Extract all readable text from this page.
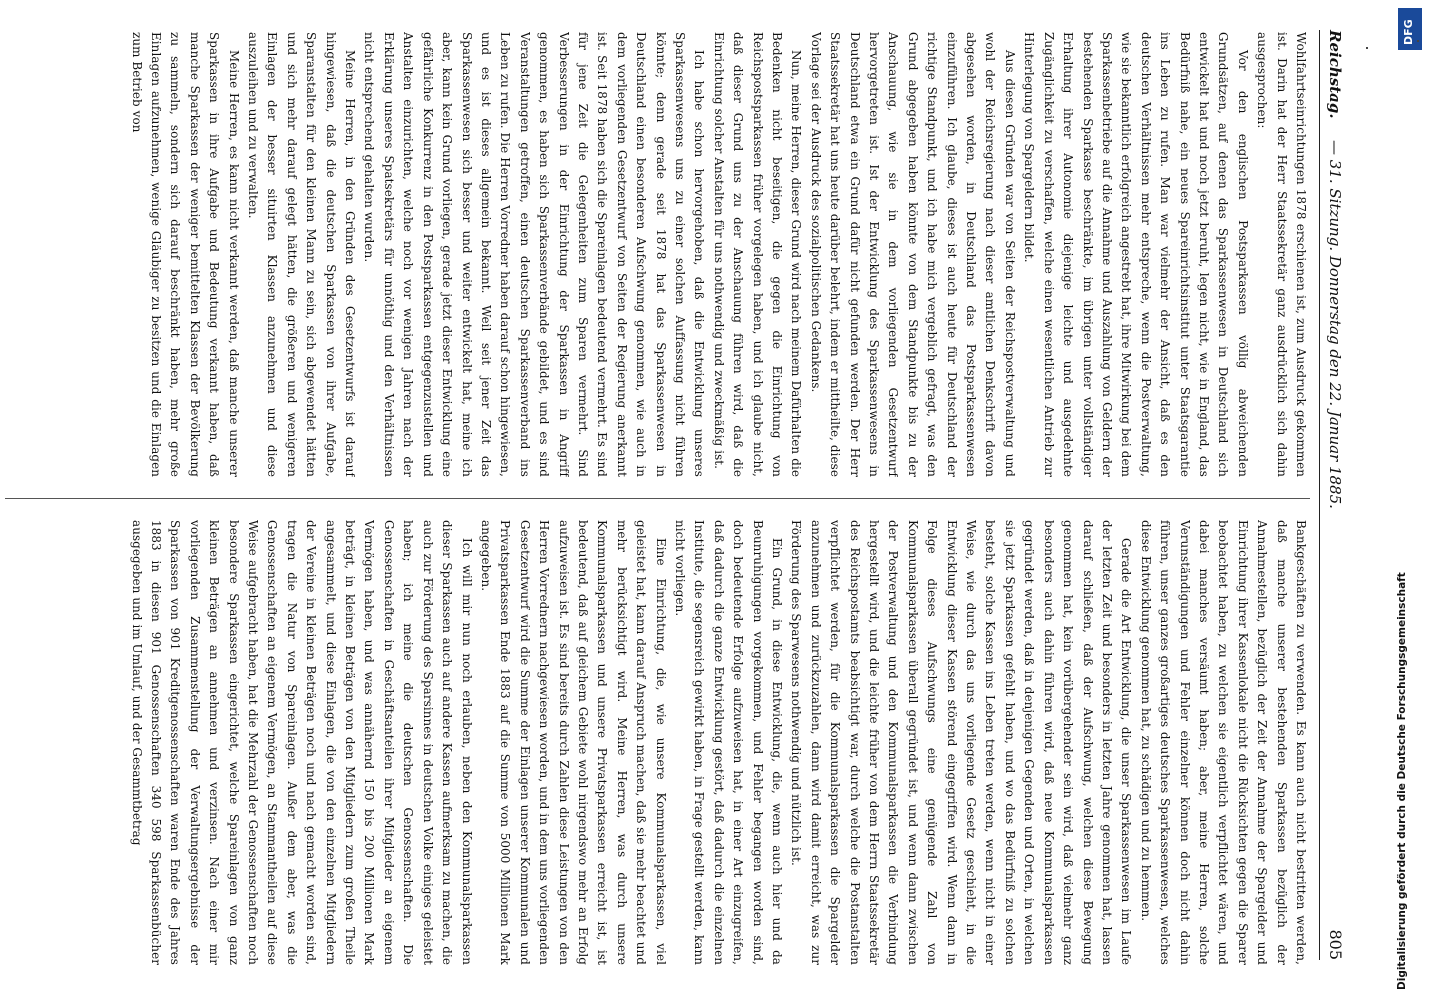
Reichstag.
— 31. Sitzung. Donnerstag den 22. Januar 1885.
805

Wohlfahrtseinrichtungen 1878 erschienen ist, zum Ausdruck gekommen ist. Darin hat der Herr Staatssekretär ganz ausdrücklich sich dahin ausgesprochen:

Vor den englischen Postsparkassen völlig abweichenden Grundsätzen, auf denen das Sparkassenwesen in Deutschland sich entwickelt hat und noch jetzt beruht, legen nicht, wie in England, das Bedürfniß nahe, ein neues Spareinrichtsinstitut unter Staatsgarantie ins Leben zu rufen. Man war vielmehr der Ansicht, daß es den deutschen Verhältnissen mehr entspreche, wenn die Postverwaltung, wie sie bekanntlich erfolgreich angestrebt hat, ihre Mitwirkung bei dem Sparkassenbetriebe auf die Annahme und Auszahlung von Geldern der bestehenden Sparkasse beschränkte, im übrigen unter vollständiger Erhaltung ihrer Autonomie diejenige leichte und ausgedehnte Zugänglichkeit zu verschaffen, welche einen wesentlichen Antrieb zur Hinterlegung von Spargeldern bildet.

Aus diesen Gründen war von Seiten der Reichspostverwaltung und wohl der Reichsregierung nach dieser amtlichen Denkschrift davon abgesehen worden, in Deutschland das Postsparkassenwesen einzuführen. Ich glaube, dieses ist auch heute für Deutschland der richtige Standpunkt, und ich habe mich vergeblich gefragt, was den Grund abgegeben haben könnte von dem Standpunkte bis zu der Anschauung, wie sie in dem vorliegenden Gesetzentwurf hervorgetreten ist. Ist der Entwicklung des Sparkassenwesens in Deutschland etwa ein Grund dafür nicht gefunden werden. Der Herr Staatssekretär hat uns heute darüber belehrt, indem er mittheilte, diese Vorlage sei der Ausdruck des sozialpolitischen Gedankens.

Nun, meine Herren, dieser Grund wird nach meinem Dafürhalten die Bedenken nicht beseitigen, die gegen die Einrichtung von Reichspostsparkassen früher vorgelegen haben, und ich glaube nicht, daß dieser Grund uns zu der Anschauung führen wird, daß die Einrichtung solcher Anstalten für uns nothwendig und zweckmäßig ist.

Ich habe schon hervorgehoben, daß die Entwicklung unseres Sparkassenwesens uns zu einer solchen Auffassung nicht führen könnte; denn gerade seit 1878 hat das Sparkassenwesen in Deutschland einen besonderen Aufschwung genommen, wie auch in dem vorliegenden Gesetzentwurf von Seiten der Regierung anerkannt ist. Seit 1878 haben sich die Spareinlagen bedeutend vermehrt. Es sind für jene Zeit die Gelegenheiten zum Sparen vermehrt. Sind Verbesserungen in der Einrichtung der Sparkassen in Angriff genommen, es haben sich Sparkassenverbände gebildet, und es sind Veranstaltungen getroffen, einen deutschen Sparkassenverband ins Leben zu rufen. Die Herren Vorredner haben darauf schon hingewiesen, und es ist dieses allgemein bekannt. Weil seit jener Zeit das Sparkassenwesen sich besser und weiter entwickelt hat, meine ich aber, kann kein Grund vorliegen, gerade jetzt dieser Entwicklung eine gefährliche Konkurrenz in den Postsparkassen entgegenzustellen und Anstalten einzurichten, welche noch vor wenigen Jahren nach der Erklärung unseres Spatsekretärs für unnöthig und den Verhältnissen nicht entsprechend gehalten wurden.

Meine Herren, in den Gründen des Gesetzentwurfs ist darauf hingewiesen, daß die deutschen Sparkassen von ihrer Aufgabe, Sparanstalten für den kleinen Mann zu sein, sich abgewendet hätten und sich mehr darauf gelegt hätten, die größeren und wenigeren Einlagen der besser situirten Klassen anzunehmen und diese auszuleihen und zu verwalten.

Meine Herren, es kann nicht verkannt werden, daß manche unserer Sparkassen in ihre Aufgabe und Bedeutung verkannt haben, daß manche Sparkassen der weniger bemittelten Klassen der Bevölkerung zu sammeln, sondern sich darauf beschränkt haben, mehr große Einlagen aufzunehmen, wenige Gläubiger zu besitzen und die Einlagen zum Betrieb von

Bankgeschäften zu verwenden. Es kann auch nicht bestritten werden, daß manche unserer bestehenden Sparkassen bezüglich der Annahmestellen, bezüglich der Zeit der Annahme der Spargelder und Einrichtung ihrer Kassenlokale nicht die Rücksichten gegen die Sparer beobachtet haben, zu welchen sie eigentlich verpflichtet wären, und dabei manches versäumt haben; aber, meine Herren, solche Verunständigungen und Fehler einzelner können doch nicht dahin führen, unser ganzes großartiges deutsches Sparkassenwesen, welches diese Entwicklung genommen hat, zu schädigen und zu hemmen.

Gerade die Art Entwicklung, die unser Sparkassenwesen im Laufe der letzten Zeit und besonders in letzten Jahre genommen hat, lassen darauf schließen, daß der Aufschwung, welchen diese Bewegung genommen hat, kein vorübergehender sein wird, daß vielmehr ganz besonders auch dahin führen wird, daß neue Kommunalsparkassen gegründet werden, daß in denjenigen Gegenden und Orten, in welchen sie jetzt Sparkassen gefehlt haben, und wo das Bedürfniß zu solchen besteht, solche Kassen ins Leben treten werden, wenn nicht in einer Weise, wie durch das uns vorliegende Gesetz geschieht, in die Entwicklung dieser Kassen störend eingegriffen wird. Wenn dann in Folge dieses Aufschwungs eine genügende Zahl von Kommunalsparkassen überall gegründet ist, und wenn dann zwischen der Postverwaltung und den Kommunalsparkassen die Verbindung hergestellt wird, und die leichte früher von dem Herrn Staatssekretär des Reichspostamts beabsichtigt war, durch welche die Postanstalten verpflichtet werden, für die Kommunalsparkassen die Spargelder anzunehmen und zurückzuzahlen, dann wird damit erreicht, was zur Förderung des Sparwesens nothwendig und nützlich ist.

Ein Grund, in diese Entwicklung, die, wenn auch hier und da Beunruhigungen vorgekommen, und Fehler begangen worden sind, doch bedeutende Erfolge aufzuweisen hat, in einer Art einzugreifen, daß dadurch die ganze Entwicklung gestört, daß dadurch die einzelnen Institute, die segensreich gewirkt haben, in Frage gestellt werden, kann nicht vorliegen.

Eine Einrichtung, die, wie unsere Kommunalsparkassen, viel geleistet hat, kann darauf Anspruch machen, daß sie mehr beachtet und mehr berücksichtigt wird. Meine Herren, was durch unsere Kommunalsparkassen und unsere Privatsparkassen erreicht ist, ist bedeutend, daß auf gleichem Gebiete wohl nirgendswo mehr an Erfolg aufzuweisen ist. Es sind bereits durch Zahlen diese Leistungen von den Herren Vorrednern nachgewiesen worden, und in dem uns vorliegenden Gesetzentwurf wird die Summe der Einlagen unserer Kommunalen und Privatsparkassen Ende 1883 auf die Summe von 5000 Millionen Mark angegeben.

Ich will mir nun noch erlauben, neben den Kommunalsparkassen dieser Sparkassen auch auf andere Kassen aufmerksam zu machen, die auch zur Förderung des Sparsinnes in deutschen Volke einiges geleistet haben; ich meine die deutschen Genossenschaften. Die Genossenschaften in Geschäftsanteilen ihrer Mitglieder an eigenem Vermögen haben, und was annähernd 150 bis 200 Millionen Mark beträgt, in kleinen Beträgen von den Mitgliedern zum großen Theile angesammelt, und diese Einlagen, die von den einzelnen Mitgliedern der Vereine in kleinen Beträgen noch und nach gemacht worden sind, tragen die Natur von Spareinlagen. Außer dem aber, was die Genossenschaften an eigenem Vermögen, an Stammantheilen auf diese Weise aufgebracht haben, hat die Mehrzahl der Genossenschaften noch besondere Sparkassen eingerichtet, welche Spareinlagen von ganz kleinen Beträgen an annehmen und verzinsen. Nach einer mir vorliegenden Zusammenstellung der Verwaltungsergebnisse der Sparkassen von 901 Kreditgenossenschaften waren Ende des Jahres 1883 in diesen 901 Genossenschaften 340 598 Sparkassenbücher ausgegeben und im Umlauf, und der Gesammtbetrag

DFG
Digitalisierung gefördert durch die Deutsche Forschungsgemeinschaft
